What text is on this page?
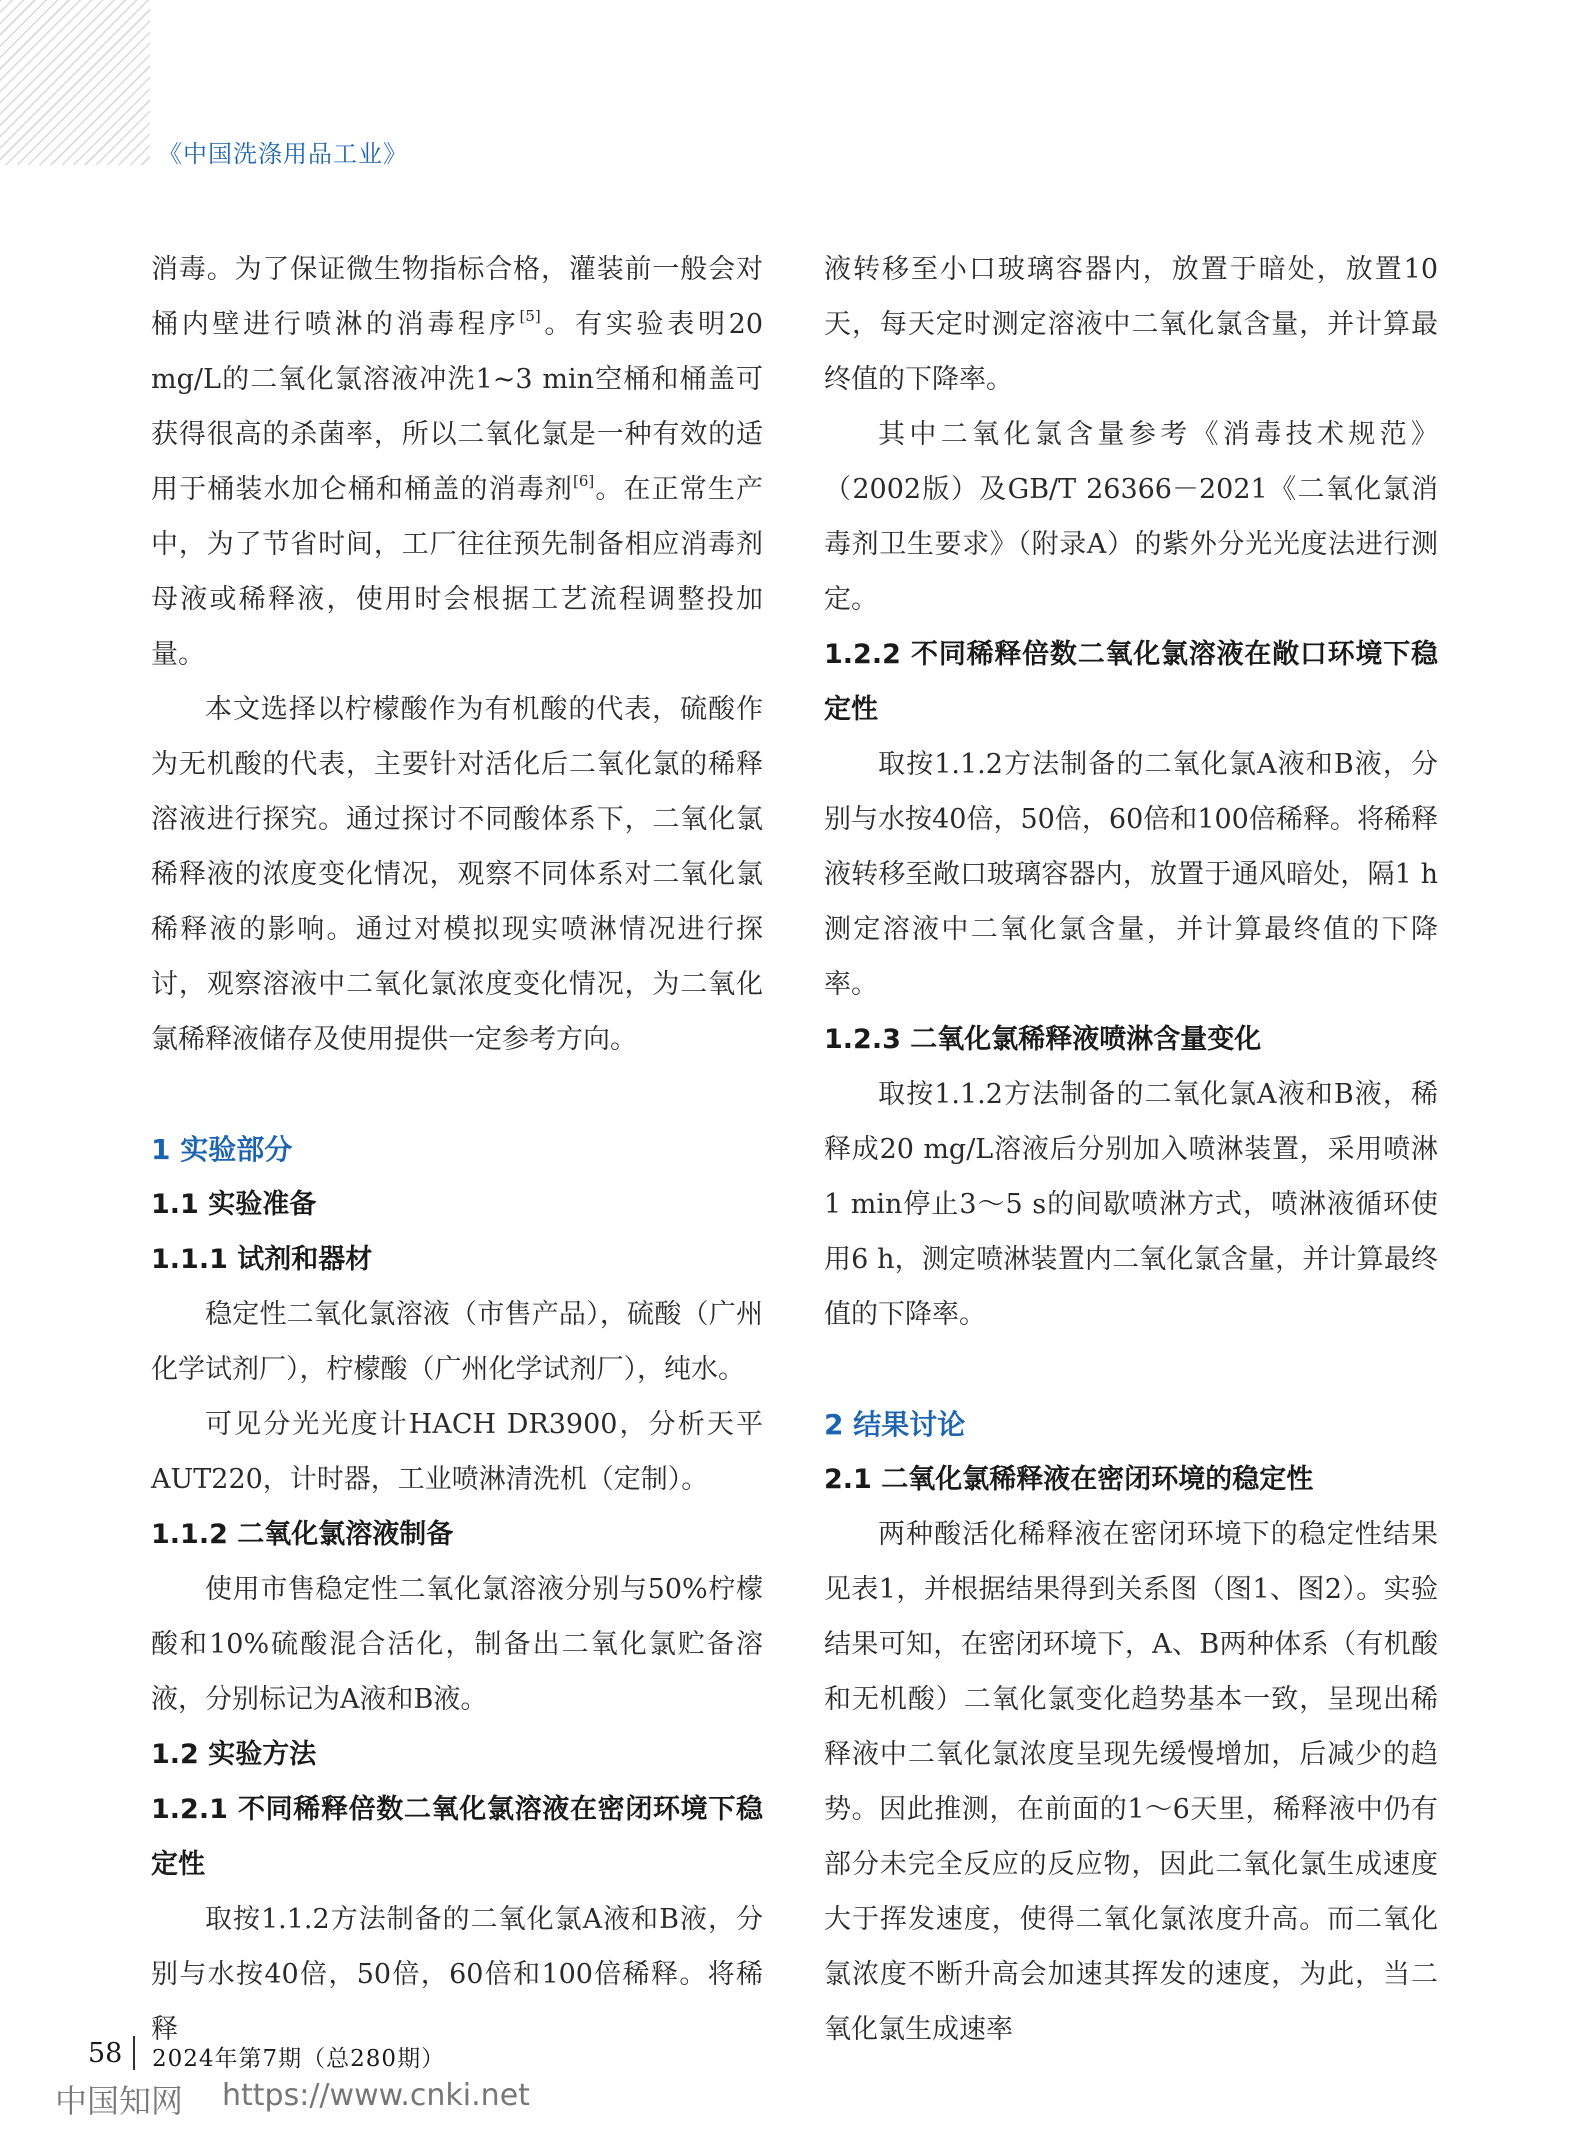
《中国洗涤用品工业》

消毒。为了保证微生物指标合格，灌装前一般会对桶内壁进行喷淋的消毒程序[5]。有实验表明20 mg/L的二氧化氯溶液冲洗1~3 min空桶和桶盖可获得很高的杀菌率，所以二氧化氯是一种有效的适用于桶装水加仑桶和桶盖的消毒剂[6]。在正常生产中，为了节省时间，工厂往往预先制备相应消毒剂母液或稀释液，使用时会根据工艺流程调整投加量。

本文选择以柠檬酸作为有机酸的代表，硫酸作为无机酸的代表，主要针对活化后二氧化氯的稀释溶液进行探究。通过探讨不同酸体系下，二氧化氯稀释液的浓度变化情况，观察不同体系对二氧化氯稀释液的影响。通过对模拟现实喷淋情况进行探讨，观察溶液中二氧化氯浓度变化情况，为二氧化氯稀释液储存及使用提供一定参考方向。

1 实验部分

1.1 实验准备

1.1.1 试剂和器材

稳定性二氧化氯溶液（市售产品），硫酸（广州化学试剂厂），柠檬酸（广州化学试剂厂），纯水。

可见分光光度计HACH DR3900，分析天平AUT220，计时器，工业喷淋清洗机（定制）。

1.1.2 二氧化氯溶液制备

使用市售稳定性二氧化氯溶液分别与50%柠檬酸和10%硫酸混合活化，制备出二氧化氯贮备溶液，分别标记为A液和B液。

1.2 实验方法

1.2.1 不同稀释倍数二氧化氯溶液在密闭环境下稳定性

取按1.1.2方法制备的二氧化氯A液和B液，分别与水按40倍，50倍，60倍和100倍稀释。将稀释

液转移至小口玻璃容器内，放置于暗处，放置10天，每天定时测定溶液中二氧化氯含量，并计算最终值的下降率。

其中二氧化氯含量参考《消毒技术规范》（2002版）及GB/T 26366－2021《二氧化氯消毒剂卫生要求》（附录A）的紫外分光光度法进行测定。

1.2.2 不同稀释倍数二氧化氯溶液在敞口环境下稳定性

取按1.1.2方法制备的二氧化氯A液和B液，分别与水按40倍，50倍，60倍和100倍稀释。将稀释液转移至敞口玻璃容器内，放置于通风暗处，隔1 h测定溶液中二氧化氯含量，并计算最终值的下降率。

1.2.3 二氧化氯稀释液喷淋含量变化

取按1.1.2方法制备的二氧化氯A液和B液，稀释成20 mg/L溶液后分别加入喷淋装置，采用喷淋1 min停止3～5 s的间歇喷淋方式，喷淋液循环使用6 h，测定喷淋装置内二氧化氯含量，并计算最终值的下降率。

2 结果讨论

2.1 二氧化氯稀释液在密闭环境的稳定性

两种酸活化稀释液在密闭环境下的稳定性结果见表1，并根据结果得到关系图（图1、图2）。实验结果可知，在密闭环境下，A、B两种体系（有机酸和无机酸）二氧化氯变化趋势基本一致，呈现出稀释液中二氧化氯浓度呈现先缓慢增加，后减少的趋势。因此推测，在前面的1～6天里，稀释液中仍有部分未完全反应的反应物，因此二氧化氯生成速度大于挥发速度，使得二氧化氯浓度升高。而二氧化氯浓度不断升高会加速其挥发的速度，为此，当二氧化氯生成速率

58 2024年第7期（总280期）
中国知网 https://www.cnki.net
